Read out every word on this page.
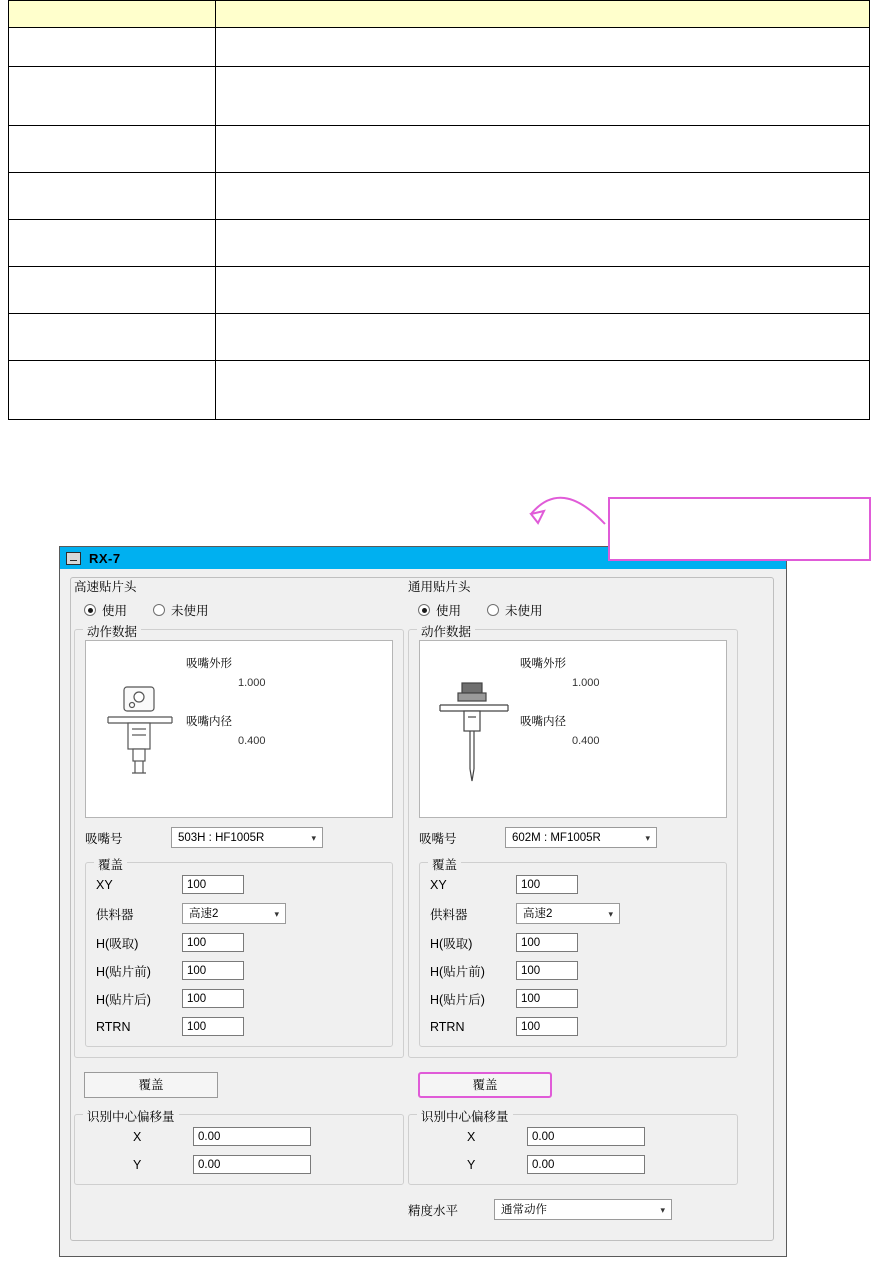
RX-7
高速贴片头
使用	未使用
动作数据
吸嘴外形
1.000
吸嘴内径
0.400
吸嘴号	503H : HF1005R	▾
覆盖
XY	100
供料器	高速2	▾
H(吸取)	100
H(贴片前)	100
H(贴片后)	100
RTRN	100
覆盖
识别中心偏移量
X	0.00
Y	0.00
通用贴片头
使用	未使用
动作数据
吸嘴外形
1.000
吸嘴内径
0.400
吸嘴号	602M : MF1005R	▾
覆盖
XY	100
供料器	高速2	▾
H(吸取)	100
H(贴片前)	100
H(贴片后)	100
RTRN	100
覆盖
识别中心偏移量
X	0.00
Y	0.00
精度水平	通常动作	▾
